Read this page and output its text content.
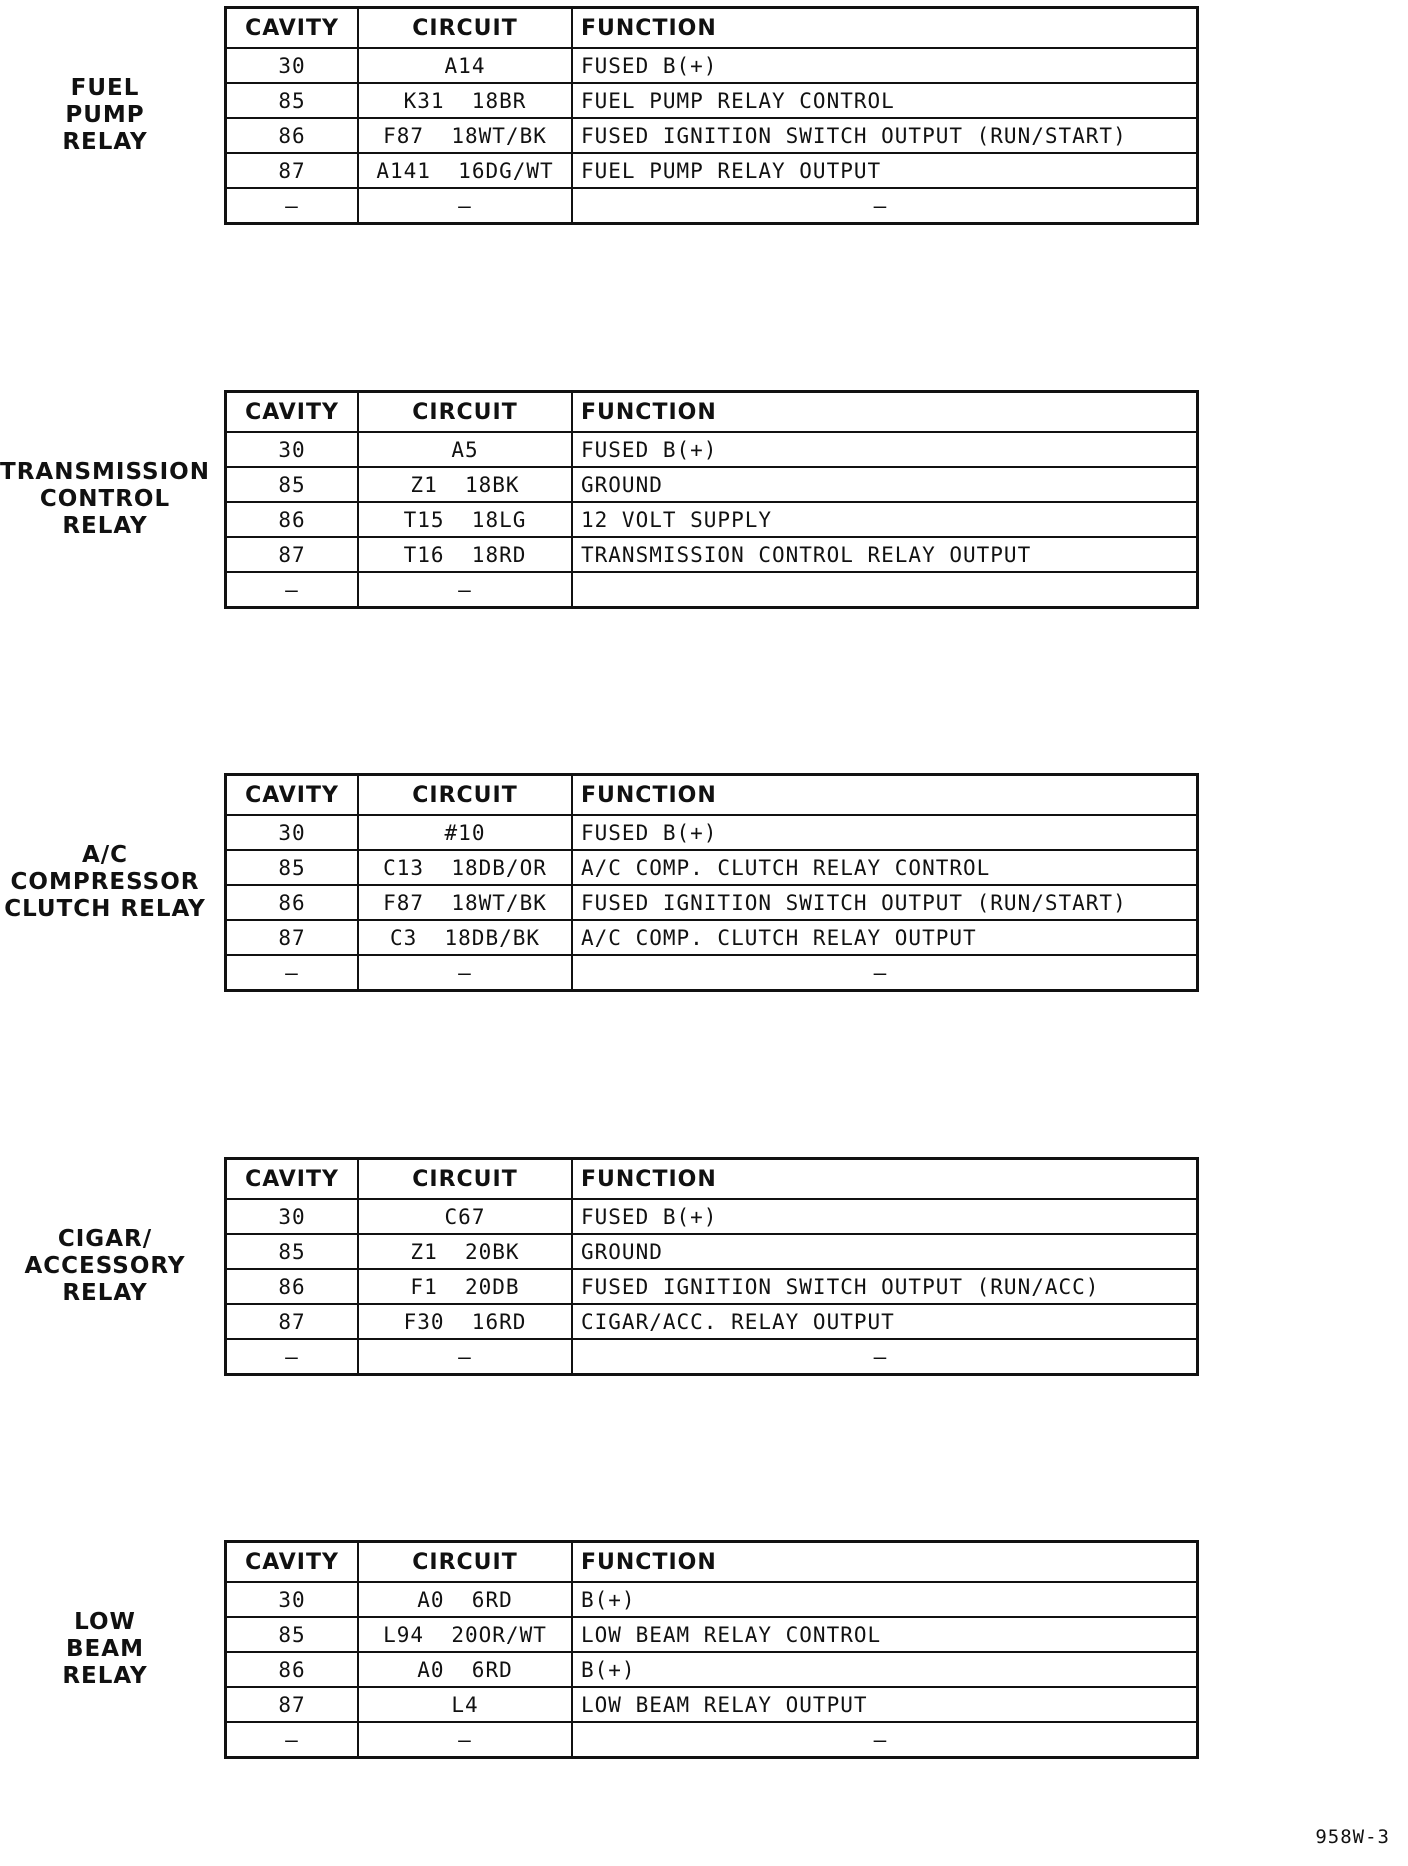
FUEL
PUMP
RELAY
CAVITY	CIRCUIT	FUNCTION
30	A14	FUSED B(+)
85	K31  18BR	FUEL PUMP RELAY CONTROL
86	F87  18WT/BK	FUSED IGNITION SWITCH OUTPUT (RUN/START)
87	A141  16DG/WT	FUEL PUMP RELAY OUTPUT
–	–	–
TRANSMISSION
CONTROL
RELAY
CAVITY	CIRCUIT	FUNCTION
30	A5	FUSED B(+)
85	Z1  18BK	GROUND
86	T15  18LG	12 VOLT SUPPLY
87	T16  18RD	TRANSMISSION CONTROL RELAY OUTPUT
–	–	
A/C
COMPRESSOR
CLUTCH RELAY
CAVITY	CIRCUIT	FUNCTION
30	#10	FUSED B(+)
85	C13  18DB/OR	A/C COMP. CLUTCH RELAY CONTROL
86	F87  18WT/BK	FUSED IGNITION SWITCH OUTPUT (RUN/START)
87	C3  18DB/BK	A/C COMP. CLUTCH RELAY OUTPUT
–	–	–
CIGAR/
ACCESSORY
RELAY
CAVITY	CIRCUIT	FUNCTION
30	C67	FUSED B(+)
85	Z1  20BK	GROUND
86	F1  20DB	FUSED IGNITION SWITCH OUTPUT (RUN/ACC)
87	F30  16RD	CIGAR/ACC. RELAY OUTPUT
–	–	–
LOW
BEAM
RELAY
CAVITY	CIRCUIT	FUNCTION
30	A0  6RD	B(+)
85	L94  20OR/WT	LOW BEAM RELAY CONTROL
86	A0  6RD	B(+)
87	L4	LOW BEAM RELAY OUTPUT
–	–	–
958W-3
